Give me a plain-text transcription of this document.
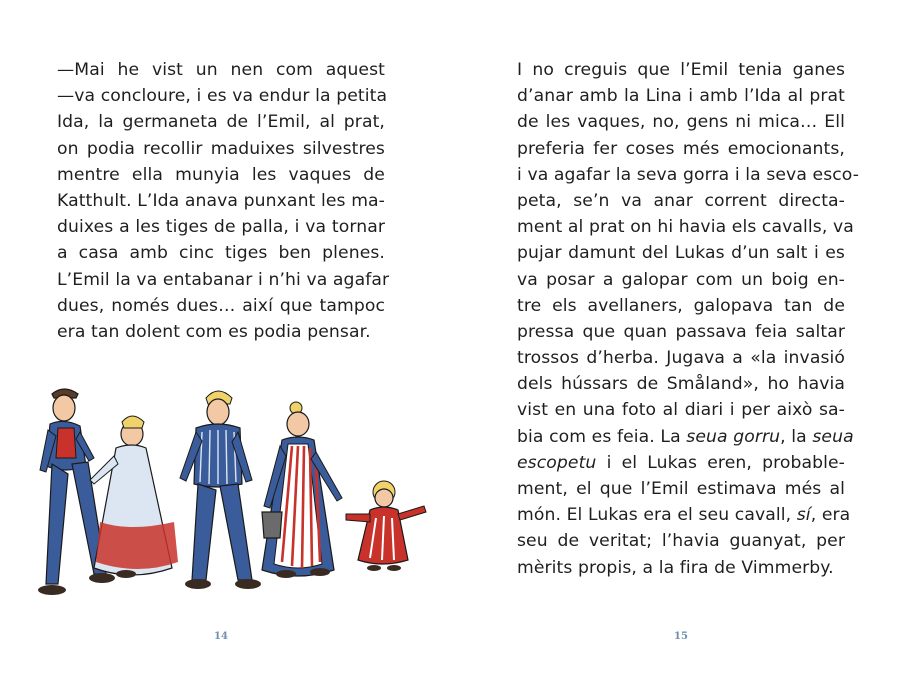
—Mai he vist un nen com aquest
—va concloure, i es va endur la petita
Ida, la germaneta de l’Emil, al prat,
on podia recollir maduixes silvestres
mentre ella munyia les vaques de
Katthult. L’Ida anava punxant les ma-
duixes a les tiges de palla, i va tornar
a casa amb cinc tiges ben plenes.
L’Emil la va entabanar i n’hi va agafar
dues, només dues… així que tampoc
era tan dolent com es podia pensar.
14
I no creguis que l’Emil tenia ganes
d’anar amb la Lina i amb l’Ida al prat
de les vaques, no, gens ni mica… Ell
preferia fer coses més emocionants,
i va agafar la seva gorra i la seva esco-
peta, se’n va anar corrent directa-
ment al prat on hi havia els cavalls, va
pujar damunt del Lukas d’un salt i es
va posar a galopar com un boig en-
tre els avellaners, galopava tan de
pressa que quan passava feia saltar
trossos d’herba. Jugava a «la invasió
dels hússars de Småland», ho havia
vist en una foto al diari i per això sa-
bia com es feia. La seua gorru, la seua
escopetu i el Lukas eren, probable-
ment, el que l’Emil estimava més al
món. El Lukas era el seu cavall, sí, era
seu de veritat; l’havia guanyat, per
mèrits propis, a la fira de Vimmerby.
15
